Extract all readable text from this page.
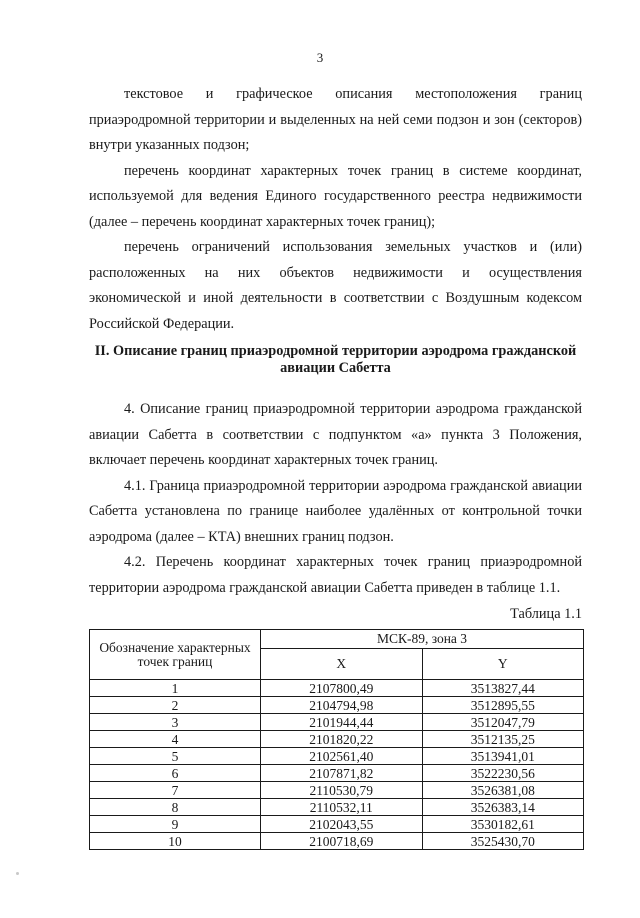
3

текстовое и графическое описания местоположения границ приаэродромной территории и выделенных на ней семи подзон и зон (секторов) внутри указанных подзон;

перечень координат характерных точек границ в системе координат, используемой для ведения Единого государственного реестра недвижимости (далее – перечень координат характерных точек границ);

перечень ограничений использования земельных участков и (или) расположенных на них объектов недвижимости и осуществления экономической и иной деятельности в соответствии с Воздушным кодексом Российской Федерации.

II. Описание границ приаэродромной территории аэродрома гражданской авиации Сабетта

4. Описание границ приаэродромной территории аэродрома гражданской авиации Сабетта в соответствии с подпунктом «а» пункта 3 Положения, включает перечень координат характерных точек границ.

4.1. Граница приаэродромной территории аэродрома гражданской авиации Сабетта установлена по границе наиболее удалённых от контрольной точки аэродрома (далее – КТА) внешних границ подзон.

4.2. Перечень координат характерных точек границ приаэродромной территории аэродрома гражданской авиации Сабетта приведен в таблице 1.1.

Таблица 1.1
Обозначение характерных точек границ	МСК-89, зона 3	
	X	Y
1	2107800,49	3513827,44
2	2104794,98	3512895,55
3	2101944,44	3512047,79
4	2101820,22	3512135,25
5	2102561,40	3513941,01
6	2107871,82	3522230,56
7	2110530,79	3526381,08
8	2110532,11	3526383,14
9	2102043,55	3530182,61
10	2100718,69	3525430,70
